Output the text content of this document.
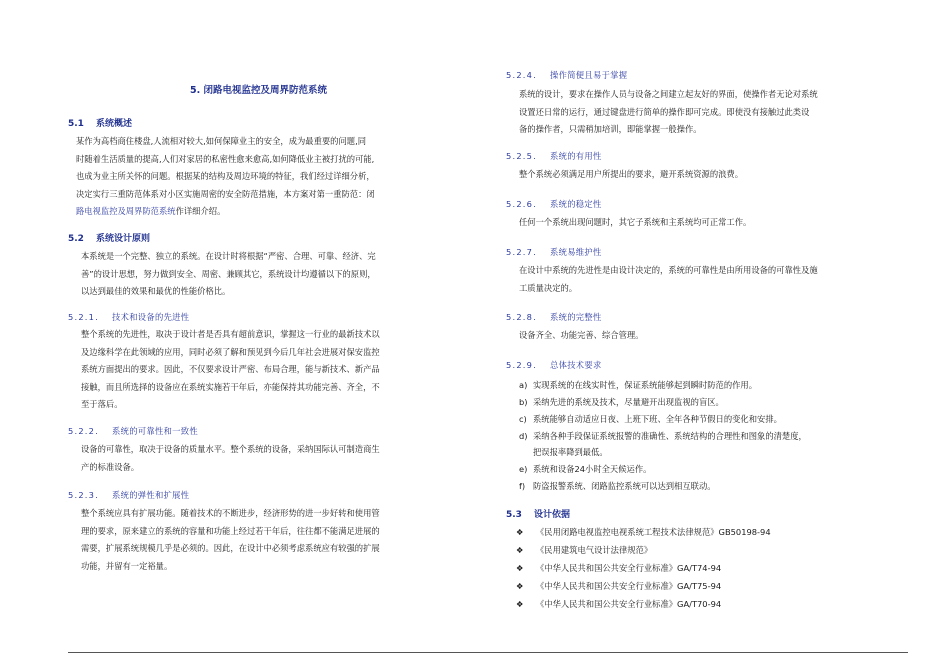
5. 闭路电视监控及周界防范系统
5.1 系统概述
某作为高档商住楼盘,人流相对较大,如何保障业主的安全，成为最重要的问题,同
时随着生活质量的提高,人们对家居的私密性愈来愈高,如何降低业主被打扰的可能,
也成为业主所关怀的问题。根据某的结构及周边环境的特征，我们经过详细分析，
决定实行三重防范体系对小区实施周密的安全防范措施，本方案对第一重防范：闭
路电视监控及周界防范系统作详细介绍。
5.2 系统设计原则
本系统是一个完整、独立的系统。在设计时将根据“严密、合理、可靠、经济、完
善”的设计思想，努力做到安全、周密、兼顾其它，系统设计均遵循以下的原则，
以达到最佳的效果和最优的性能价格比。
5.2.1. 技术和设备的先进性
整个系统的先进性，取决于设计者是否具有超前意识，掌握这一行业的最新技术以
及边缘科学在此领域的应用，同时必须了解和预见到今后几年社会进展对保安监控
系统方面提出的要求。因此，不仅要求设计严密、布局合理，能与新技术、新产品
接触，而且所选择的设备应在系统实施若干年后，亦能保持其功能完善、齐全，不
至于落后。
5.2.2. 系统的可靠性和一致性
设备的可靠性，取决于设备的质量水平。整个系统的设备，采纳国际认可制造商生
产的标准设备。
5.2.3. 系统的弹性和扩展性
整个系统应具有扩展功能。随着技术的不断进步，经济形势的进一步好转和使用管
理的要求，原来建立的系统的容量和功能上经过若干年后，往往都不能满足进展的
需要，扩展系统规模几乎是必须的。因此，在设计中必须考虑系统应有较强的扩展
功能，并留有一定裕量。
5.2.4. 操作简便且易于掌握
系统的设计，要求在操作人员与设备之间建立起友好的界面，使操作者无论对系统
设置还日常的运行，通过键盘进行简单的操作即可完成。即使没有接触过此类设
备的操作者，只需稍加培训，即能掌握一般操作。
5.2.5. 系统的有用性
整个系统必须满足用户所提出的要求，避开系统资源的浪费。
5.2.6. 系统的稳定性
任何一个系统出现问题时，其它子系统和主系统均可正常工作。
5.2.7. 系统易维护性
在设计中系统的先进性是由设计决定的，系统的可靠性是由所用设备的可靠性及施
工质量决定的。
5.2.8. 系统的完整性
设备齐全、功能完善、综合管理。
5.2.9. 总体技术要求
a) 实现系统的在线实时性，保证系统能够起到瞬时防范的作用。
b) 采纳先进的系统及技术，尽量避开出现监视的盲区。
c) 系统能够自动适应日夜、上班下班、全年各种节假日的变化和安排。
d) 采纳各种手段保证系统报警的准确性、系统结构的合理性和图象的清楚度，
把误报率降到最低。
e) 系统和设备24小时全天候运作。
f) 防盗报警系统、闭路监控系统可以达到相互联动。
5.3 设计依据
❖ 《民用闭路电视监控电视系统工程技术法律规范》GB50198-94
❖ 《民用建筑电气设计法律规范》
❖ 《中华人民共和国公共安全行业标准》GA/T74-94
❖ 《中华人民共和国公共安全行业标准》GA/T75-94
❖ 《中华人民共和国公共安全行业标准》GA/T70-94
